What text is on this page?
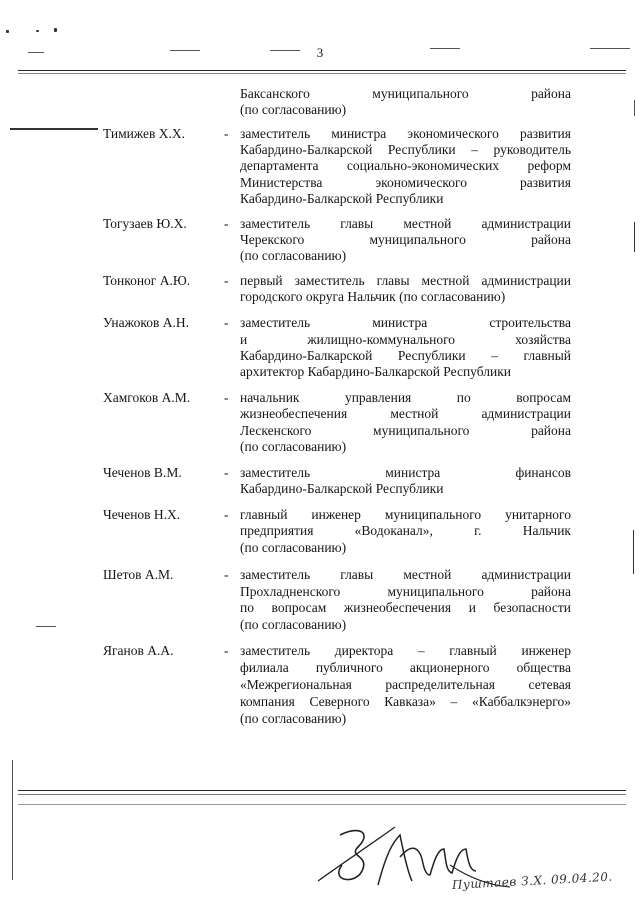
3
Баксанского муниципального района
(по согласованию)
Тимижев Х.Х.	- заместитель министра экономического развития
Кабардино-Балкарской Республики – руководитель
департамента социально-экономических реформ
Министерства экономического развития
Кабардино-Балкарской Республики
Тогузаев Ю.Х.	- заместитель главы местной администрации
Черекского муниципального района
(по согласованию)
Тонконог А.Ю.	- первый заместитель главы местной администрации
городского округа Нальчик (по согласованию)
Унажоков А.Н.	- заместитель министра строительства
и жилищно-коммунального хозяйства
Кабардино-Балкарской Республики – главный
архитектор Кабардино-Балкарской Республики
Хамгоков А.М.	- начальник управления по вопросам
жизнеобеспечения местной администрации
Лескенского муниципального района
(по согласованию)
Чеченов В.М.	- заместитель министра финансов
Кабардино-Балкарской Республики
Чеченов Н.Х.	- главный инженер муниципального унитарного
предприятия «Водоканал», г. Нальчик
(по согласованию)
Шетов А.М.	- заместитель главы местной администрации
Прохладненского муниципального района
по вопросам жизнеобеспечения и безопасности
(по согласованию)
Яганов А.А.	- заместитель директора – главный инженер
филиала публичного акционерного общества
«Межрегиональная распределительная сетевая
компания Северного Кавказа» – «Каббалкэнерго»
(по согласованию)
Пуштаев З.Х. 09.04.20.
